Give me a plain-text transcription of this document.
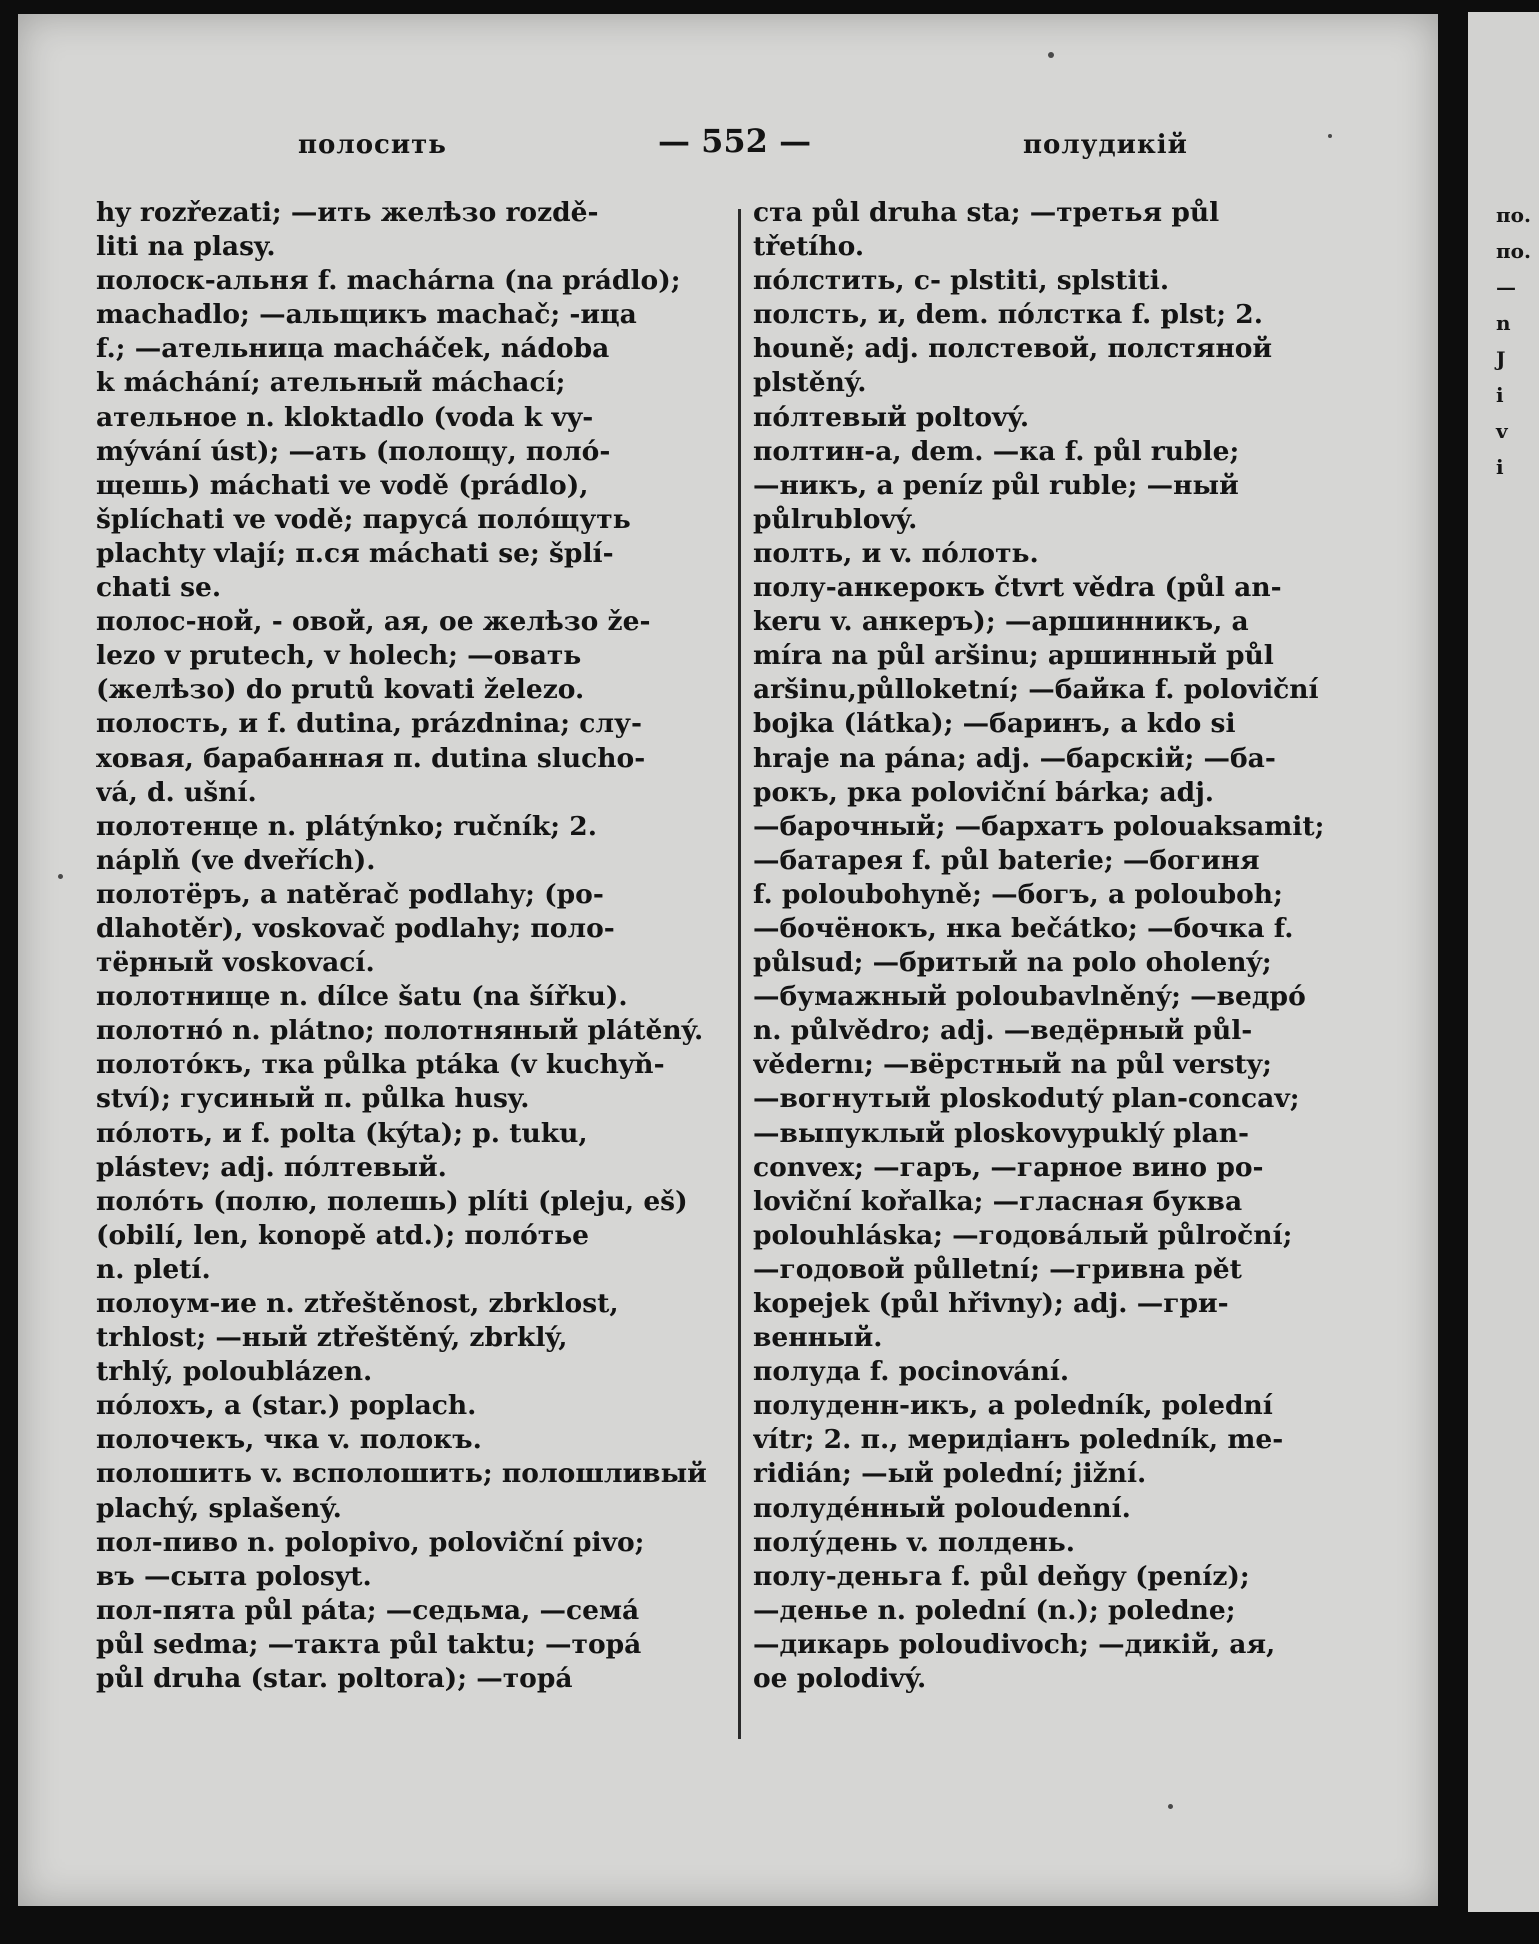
полосить	— 552 —	полудикій
hy rozřezati; —ить желѣзо rozdě-
liti na plasy.
полоск-альня f. machárna (na prádlo);
machadlo; —альщикъ machač; -ица
f.; —ательница macháček, nádoba
k máchání; ательный máchací;
ательное n. kloktadlo (voda k vy-
mývání úst); —ать (полощу, поло́-
щешь) máchati ve vodě (prádlo),
šplíchati ve vodě; парусá поло́щуть
plachty vlají; п.ся máchati se; šplí-
chati se.
полос-ной, - овой, ая, ое желѣзо že-
lezo v prutech, v holech; —овать
(желѣзо) do prutů kovati železo.
полость, и f. dutina, prázdnina; слу-
ховая, барабанная п. dutina slucho-
vá, d. ušní.
полотенце n. plátýnko; ručník; 2.
náplň (ve dveřích).
полотёръ, а natěrač podlahy; (po-
dlahotěr), voskovač podlahy; поло-
тёрный voskovací.
полотнище n. dílce šatu (na šířku).
полотно́ n. plátno; полотняный plátěný.
полото́къ, тка půlka ptáka (v kuchyň-
ství); гусиный п. půlka husy.
по́лоть, и f. polta (kýta); p. tuku,
plástev; adj. по́лтевый.
поло́ть (полю, полешь) plíti (pleju, eš)
(obilí, len, konopě atd.); поло́тье
n. pletí.
полоум-ие n. ztřeštěnost, zbrklost,
trhlost; —ный ztřeštěný, zbrklý,
trhlý, poloublázen.
по́лохъ, а (star.) poplach.
полочекъ, чка v. полокъ.
полошить v. всполошить; полошливый
plachý, splašený.
пол-пиво n. polopivo, poloviční pivo;
въ —сыта polosyt.
пол-пята půl páta; —седьма, —семá
půl sedma; —такта půl taktu; —торá
půl druha (star. poltora); —торá
ста půl druha sta; —третья půl
třetího.
по́лстить, с- plstiti, splstiti.
полсть, и, dem. по́лстка f. plst; 2.
houně; adj. полстевой, полстяной
plstěný.
по́лтевый poltový.
полтин-а, dem. —ка f. půl ruble;
—никъ, а peníz půl ruble; —ный
půlrublový.
полть, и v. по́лоть.
полу-анкерокъ čtvrt vědra (půl an-
keru v. анкеръ); —аршинникъ, а
míra na půl aršinu; аршинный půl
aršinu,půlloketní; —байка f. poloviční
bojka (látka); —баринъ, а kdo si
hraje na pána; adj. —барскій; —ба-
рокъ, рка poloviční bárka; adj.
—барочный; —бархатъ polouaksamit;
—батарея f. půl baterie; —богиня
f. poloubohyně; —богъ, а polouboh;
—бочёнокъ, нка bečátko; —бочка f.
půlsud; —бритый na polo oholený;
—бумажный poloubavlněný; —ведро́
n. půlvědro; adj. —ведёрный půl-
vědernı; —вёрстный na půl versty;
—вогнутый ploskodutý plan-concav;
—выпуклый ploskovypuklý plan-
convex; —гаръ, —гарное вино po-
loviční kořalka; —гласная буква
polouhláska; —годова́лый půlroční;
—годовой půlletní; —гривна pět
kopejek (půl hřivny); adj. —гри-
венный.
полуда f. pocinování.
полуденн-икъ, а poledník, polední
vítr; 2. п., меридіанъ poledník, me-
ridián; —ый polední; jižní.
полуде́нный poloudenní.
полу́день v. полдень.
полу-деньга f. půl deňgy (peníz);
—денье n. polední (n.); poledne;
—дикарь poloudivoch; —дикій, ая,
ое polodivý.
по.
по.
—
n
J
i
v
i
